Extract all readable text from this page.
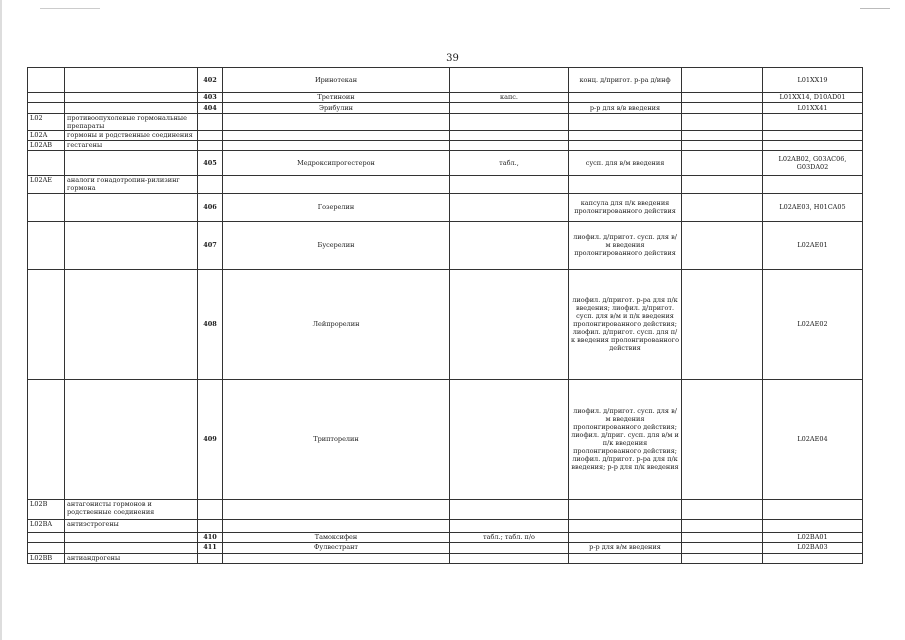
39
		402	Иринотекан		конц. д/пригот. р-ра д/инф		L01XX19
		403	Третиноин	капс.			L01XX14, D10AD01
		404	Эрибулин		р-р для в/в введения		L01XX41
L02	противоопухолевые гормональные препараты						
L02A	гормоны и родственные соединения						
L02AB	гестагены						
		405	Медроксипрогестерон	табл.,	сусп. для в/м введения		L02AB02, G03AC06, G03DA02
L02AE	аналоги гонадотропин-рилизинг гормона						
		406	Гозерелин		капсула для п/к введения пролонгированного действия		L02AE03, H01CA05
		407	Бусерелин		лиофил. д/пригот. сусп. для в/м введения пролонгированного действия		L02AE01
		408	Лейпрорелин		лиофил. д/пригот. р-ра для п/к введения; лиофил. д/пригот. сусп. для в/м и п/к введения пролонгированного действия; лиофил. д/пригот. сусп. для п/к введения пролонгированного действия		L02AE02
		409	Трипторелин		лиофил. д/пригот. сусп. для в/м введения пролонгированного действия; лиофил. д/приг. сусп. для в/м и п/к введения пролонгированного действия; лиофил. д/пригот. р-ра для п/к введения; р-р для п/к введения		L02AE04
L02B	антагонисты гормонов и родственные соединения						
L02BA	антиэстрогены						
		410	Тамоксифен	табл.; табл. п/о			L02BA01
		411	Фулвестрант		р-р для в/м введения		L02BA03
L02BB	антиандрогены						
